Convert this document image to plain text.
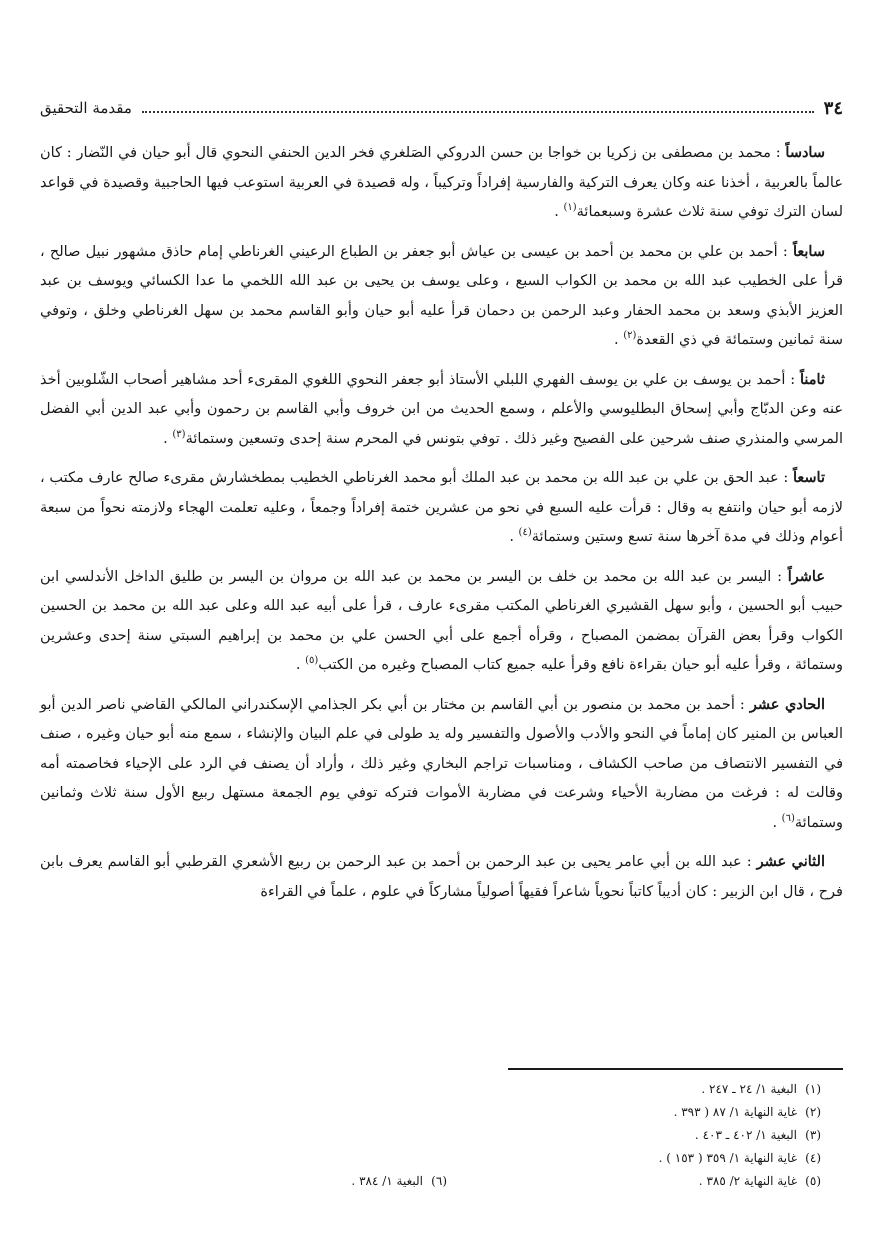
٣٤
مقدمة التحقيق

سادساً : محمد بن مصطفى بن زكريا بن خواجا بن حسن الدروكي الصَلغري فخر الدين الحنفي النحوي قال أبو حيان في النّضار : كان عالماً بالعربية ، أخذنا عنه وكان يعرف التركية والفارسية إفراداً وتركيباً ، وله قصيدة في العربية استوعب فيها الحاجبية وقصيدة في قواعد لسان الترك توفي سنة ثلاث عشرة وسبعمائة$^{(١)}$ .

سابعاً : أحمد بن علي بن محمد بن أحمد بن عيسى بن عياش أبو جعفر بن الطباع الرعيني الغرناطي إمام حاذق مشهور نبيل صالح ، قرأ على الخطيب عبد الله بن محمد بن الكواب السبع ، وعلى يوسف بن يحيى بن عبد الله اللخمي ما عدا الكسائي ويوسف بن عبد العزيز الأبذي وسعد بن محمد الحفار وعبد الرحمن بن دحمان قرأ عليه أبو حيان وأبو القاسم محمد بن سهل الغرناطي وخلق ، وتوفي سنة ثمانين وستمائة في ذي القعدة$^{(٢)}$ .

ثامناً : أحمد بن يوسف بن علي بن يوسف الفهري اللبلي الأستاذ أبو جعفر النحوي اللغوي المقرىء أحد مشاهير أصحاب الشّلوبين أخذ عنه وعن الدبّاج وأبي إسحاق البطليوسي والأعلم ، وسمع الحديث من ابن خروف وأبي القاسم بن رحمون وأبي عبد الدين أبي الفضل المرسي والمنذري صنف شرحين على الفصيح وغير ذلك . توفي بتونس في المحرم سنة إحدى وتسعين وستمائة$^{(٣)}$ .

تاسعاً : عبد الحق بن علي بن عبد الله بن محمد بن عبد الملك أبو محمد الغرناطي الخطيب بمطخشارش مقرىء صالح عارف مكتب ، لازمه أبو حيان وانتفع به وقال : قرأت عليه السبع في نحو من عشرين ختمة إفراداً وجمعاً ، وعليه تعلمت الهجاء ولازمته نحواً من سبعة أعوام وذلك في مدة آخرها سنة تسع وستين وستمائة$^{(٤)}$ .

عاشراً : اليسر بن عبد الله بن محمد بن خلف بن اليسر بن محمد بن عبد الله بن مروان بن اليسر بن طليق الداخل الأندلسي ابن حبيب أبو الحسين ، وأبو سهل القشيري الغرناطي المكتب مقرىء عارف ، قرأ على أبيه عبد الله وعلى عبد الله بن محمد بن الحسين الكواب وقرأ بعض القرآن بمضمن المصباح ، وقرأه أجمع على أبي الحسن علي بن محمد بن إبراهيم السبتي سنة إحدى وعشرين وستمائة ، وقرأ عليه أبو حيان بقراءة نافع وقرأ عليه جميع كتاب المصباح وغيره من الكتب$^{(٥)}$ .

الحادي عشر : أحمد بن محمد بن منصور بن أبي القاسم بن مختار بن أبي بكر الجذامي الإسكندراني المالكي القاضي ناصر الدين أبو العباس بن المنير كان إماماً في النحو والأدب والأصول والتفسير وله يد طولى في علم البيان والإنشاء ، سمع منه أبو حيان وغيره ، صنف في التفسير الانتصاف من صاحب الكشاف ، ومناسبات تراجم البخاري وغير ذلك ، وأراد أن يصنف في الرد على الإحياء فخاصمته أمه وقالت له : فرغت من مضاربة الأحياء وشرعت في مضاربة الأموات فتركه توفي يوم الجمعة مستهل ربيع الأول سنة ثلاث وثمانين وستمائة$^{(٦)}$ .

الثاني عشر : عبد الله بن أبي عامر يحيى بن عبد الرحمن بن أحمد بن عبد الرحمن بن ربيع الأشعري القرطبي أبو القاسم يعرف بابن فرح ، قال ابن الزبير : كان أديباً كاتباً نحوياً شاعراً فقيهاً أصولياً مشاركاً في علوم ، علماً في القراءة

(١)
البغية ١/ ٢٤ ـ ٢٤٧ .
(٢)
غاية النهاية ١/ ٨٧ ( ٣٩٣ .
(٣)
البغية ١/ ٤٠٢ ـ ٤٠٣ .
(٤)
غاية النهاية ١/ ٣٥٩ ( ١٥٣ ) .
(٥)
غاية النهاية ٢/ ٣٨٥ .
(٦)
البغية ١/ ٣٨٤ .
